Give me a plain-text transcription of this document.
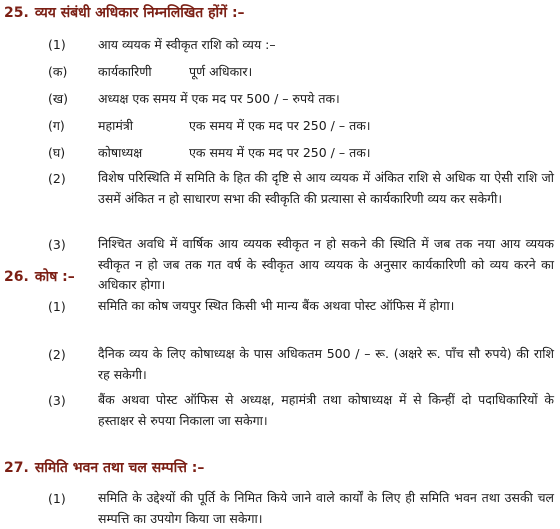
25. व्यय संबंधी अधिकार निम्नलिखित होंगें :–
(1)	आय व्ययक में स्वीकृत राशि को व्यय :–
(क) कार्यकारिणी	पूर्ण अधिकार।
(ख) अध्यक्ष एक समय में एक मद पर 500 / – रुपये तक।
(ग)	महामंत्री	एक समय में एक मद पर 250 / – तक।
(घ)	कोषाध्यक्ष	एक समय में एक मद पर 250 / – तक।
(2)	विशेष परिस्थिति में समिति के हित की दृष्टि से आय व्ययक में अंकित राशि से अधिक या ऐसी राशि जो उसमें अंकित न हो साधारण सभा की स्वीकृति की प्रत्यासा से कार्यकारिणी व्यय कर सकेगी।
(3)	निश्चित अवधि में वार्षिक आय व्ययक स्वीकृत न हो सकने की स्थिति में जब तक नया आय व्ययक स्वीकृत न हो जब तक गत वर्ष के स्वीकृत आय व्ययक के अनुसार कार्यकारिणी को व्यय करने का अधिकार होगा।
26. कोष :–
(1)	समिति का कोष जयपुर स्थित किसी भी मान्य बैंक अथवा पोस्ट ऑफिस में होगा।
(2)	दैनिक व्यय के लिए कोषाध्यक्ष के पास अधिकतम 500 / – रू. (अक्षरे रू. पाँच सौ रुपये) की राशि रह सकेगी।
(3)	बैंक अथवा पोस्ट ऑफिस से अध्यक्ष, महामंत्री तथा कोषाध्यक्ष में से किन्हीं दो पदाधिकारियों के हस्ताक्षर से रुपया निकाला जा सकेगा।
27. समिति भवन तथा चल सम्पत्ति :–
(1)	समिति के उद्देश्यों की पूर्ति के निमित किये जाने वाले कार्यों के लिए ही समिति भवन तथा उसकी चल सम्पत्ति का उपयोग किया जा सकेगा।
